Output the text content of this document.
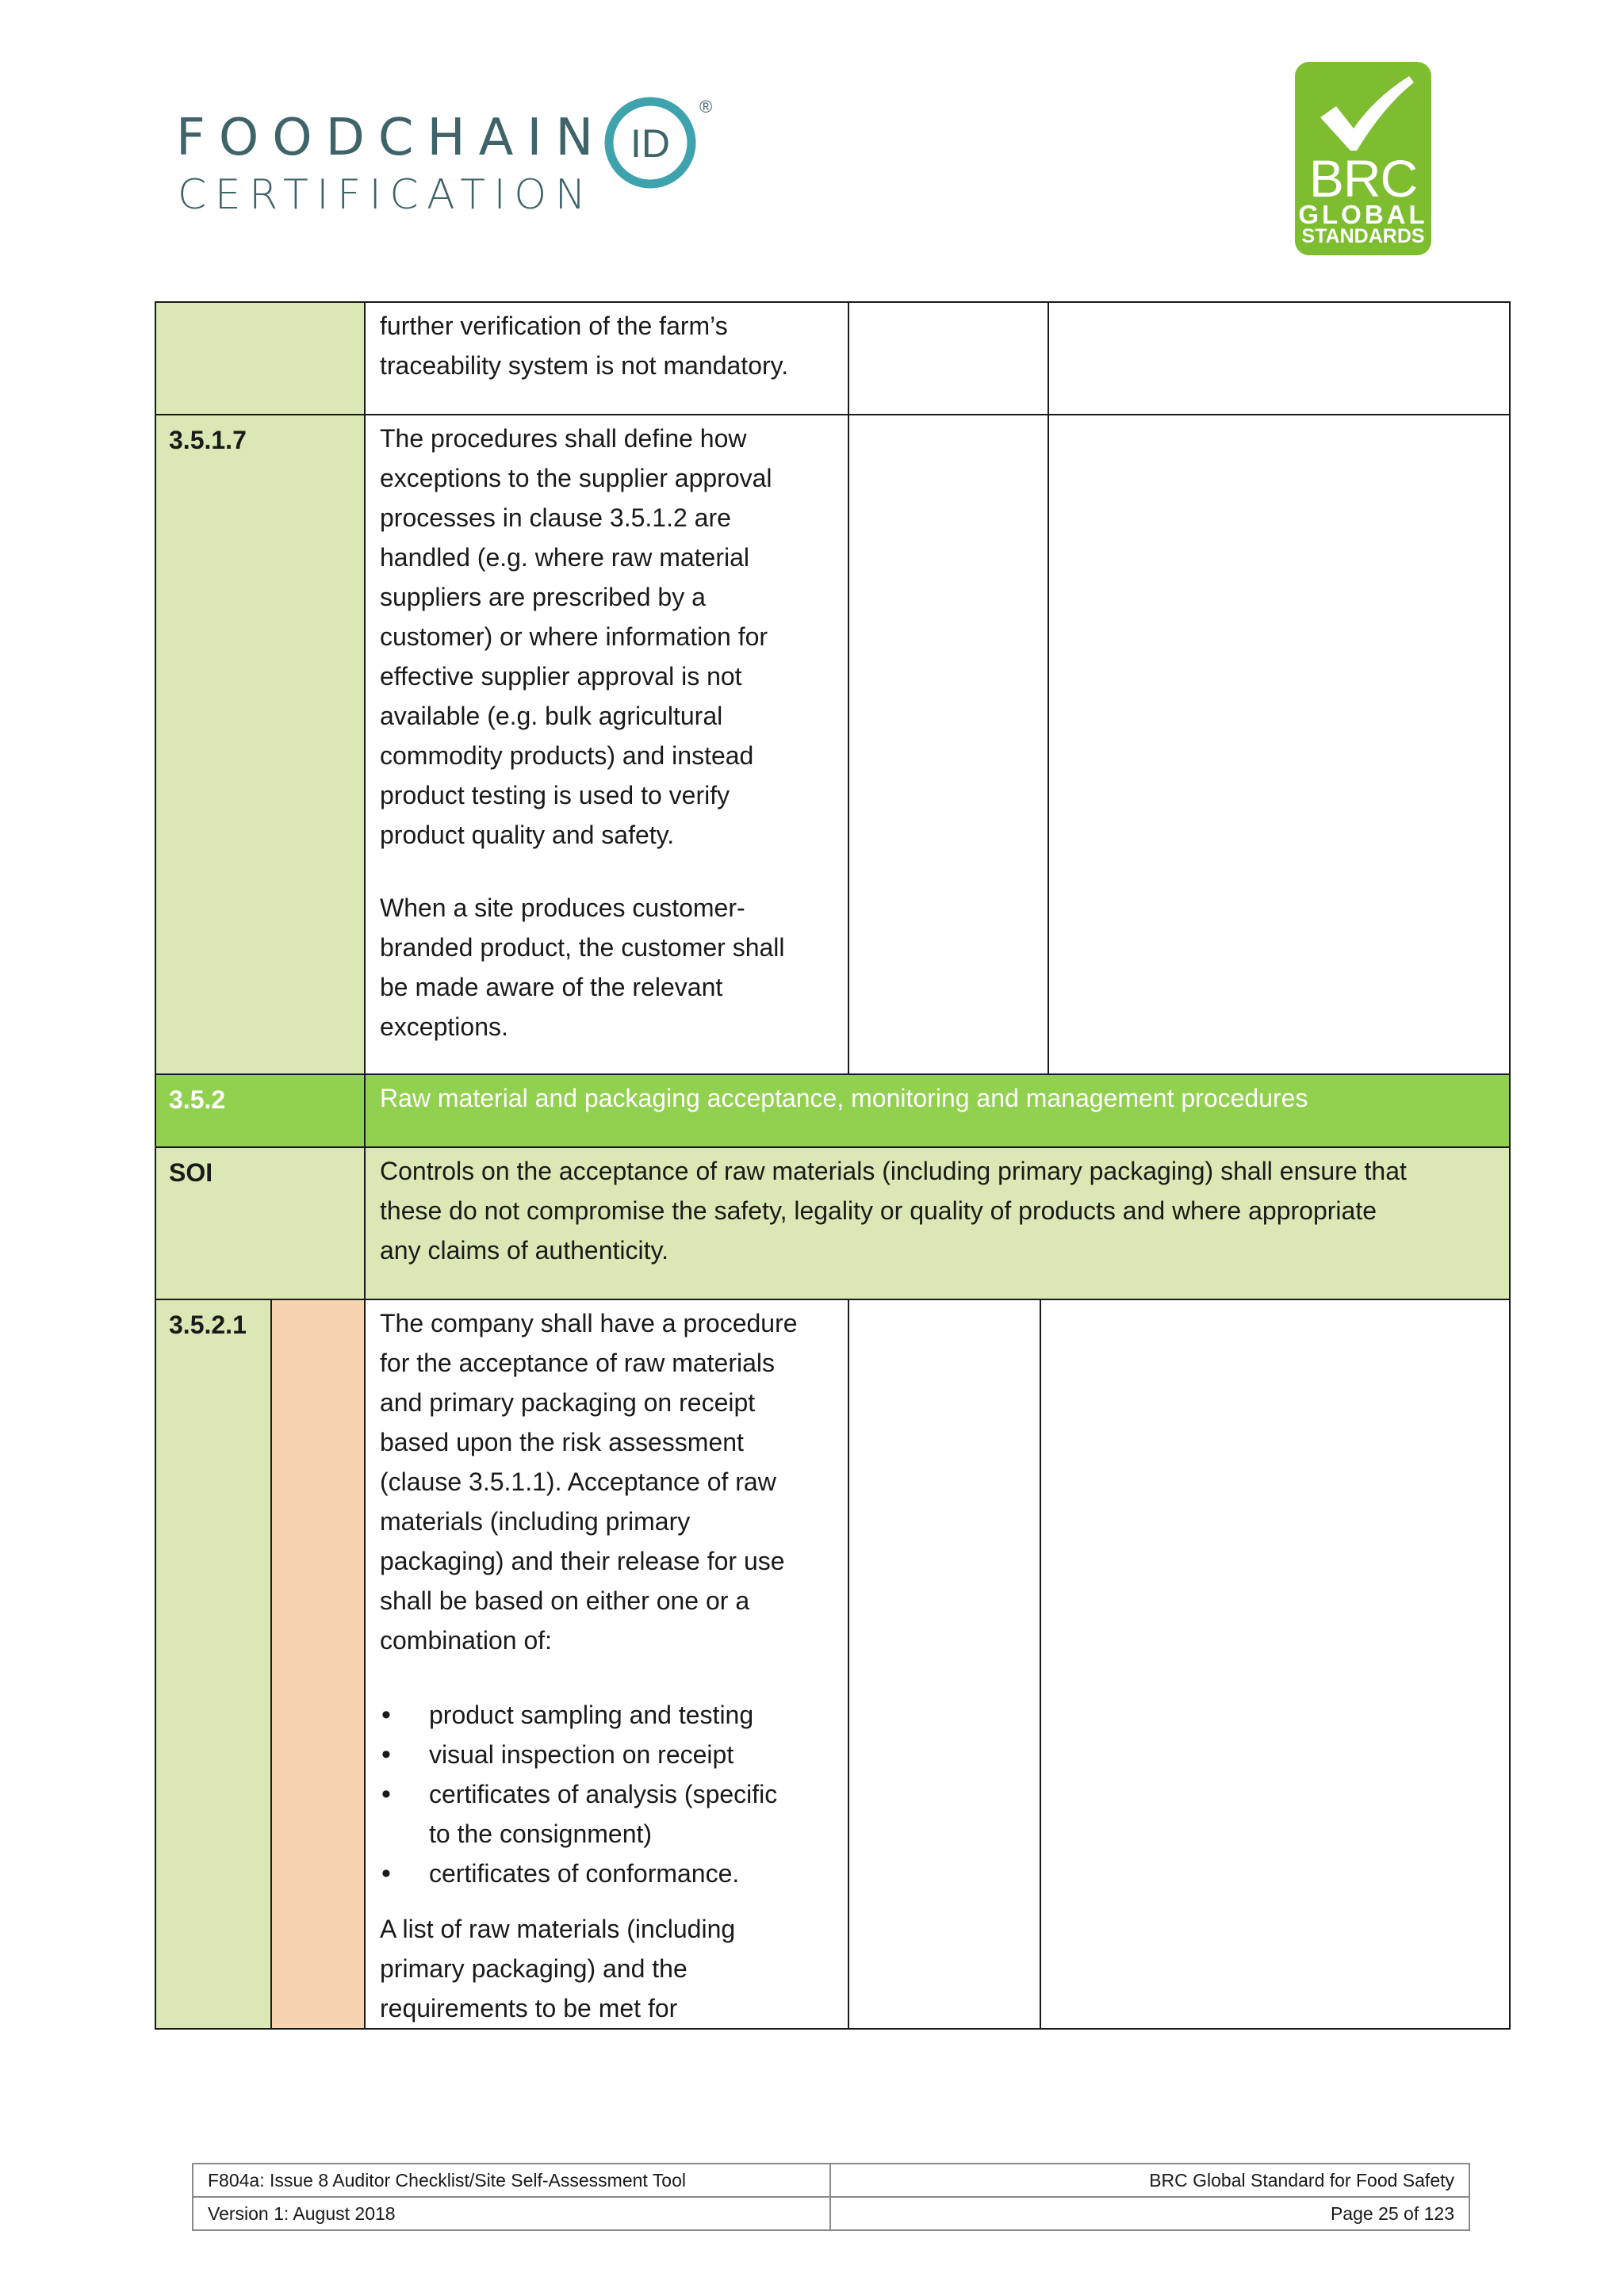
FOODCHAIN ID
®
CERTIFICATION	BRC
GLOBAL
STANDARDS
further verification of the farm’s
traceability system is not mandatory.
3.5.1.7	The procedures shall define how
exceptions to the supplier approval
processes in clause 3.5.1.2 are
handled (e.g. where raw material
suppliers are prescribed by a
customer) or where information for
effective supplier approval is not
available (e.g. bulk agricultural
commodity products) and instead
product testing is used to verify
product quality and safety.
When a site produces customer-
branded product, the customer shall
be made aware of the relevant
exceptions.
3.5.2	Raw material and packaging acceptance, monitoring and management procedures
SOI	Controls on the acceptance of raw materials (including primary packaging) shall ensure that
these do not compromise the safety, legality or quality of products and where appropriate
any claims of authenticity.
3.5.2.1	The company shall have a procedure
for the acceptance of raw materials
and primary packaging on receipt
based upon the risk assessment
(clause 3.5.1.1). Acceptance of raw
materials (including primary
packaging) and their release for use
shall be based on either one or a
combination of:
• product sampling and testing
• visual inspection on receipt
• certificates of analysis (specific
to the consignment)
• certificates of conformance.
A list of raw materials (including
primary packaging) and the
requirements to be met for
F804a: Issue 8 Auditor Checklist/Site Self-Assessment Tool	BRC Global Standard for Food Safety
Version 1: August 2018	Page 25 of 123
